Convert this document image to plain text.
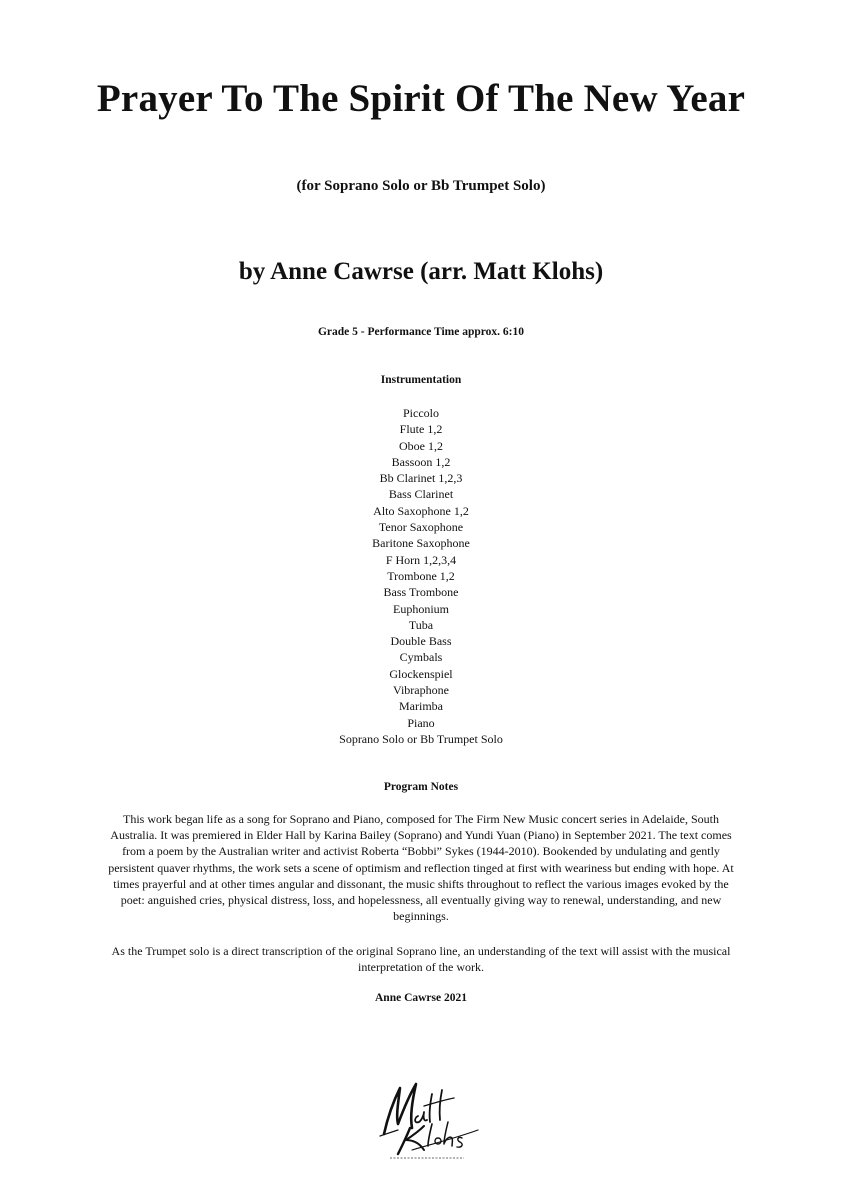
Prayer To The Spirit Of The New Year
(for Soprano Solo or Bb Trumpet Solo)
by Anne Cawrse (arr. Matt Klohs)
Grade 5 - Performance Time approx. 6:10
Instrumentation
Piccolo
Flute 1,2
Oboe 1,2
Bassoon 1,2
Bb Clarinet 1,2,3
Bass Clarinet
Alto Saxophone 1,2
Tenor Saxophone
Baritone Saxophone
F Horn 1,2,3,4
Trombone 1,2
Bass Trombone
Euphonium
Tuba
Double Bass
Cymbals
Glockenspiel
Vibraphone
Marimba
Piano
Soprano Solo or Bb Trumpet Solo
Program Notes

This work began life as a song for Soprano and Piano, composed for The Firm New Music concert series in Adelaide, South Australia. It was premiered in Elder Hall by Karina Bailey (Soprano) and Yundi Yuan (Piano) in September 2021. The text comes from a poem by the Australian writer and activist Roberta “Bobbi” Sykes (1944-2010). Bookended by undulating and gently persistent quaver rhythms, the work sets a scene of optimism and reflection tinged at first with weariness but ending with hope. At times prayerful and at other times angular and dissonant, the music shifts throughout to reflect the various images evoked by the poet: anguished cries, physical distress, loss, and hopelessness, all eventually giving way to renewal, understanding, and new beginnings.

As the Trumpet solo is a direct transcription of the original Soprano line, an understanding of the text will assist with the musical interpretation of the work.

Anne Cawrse 2021
